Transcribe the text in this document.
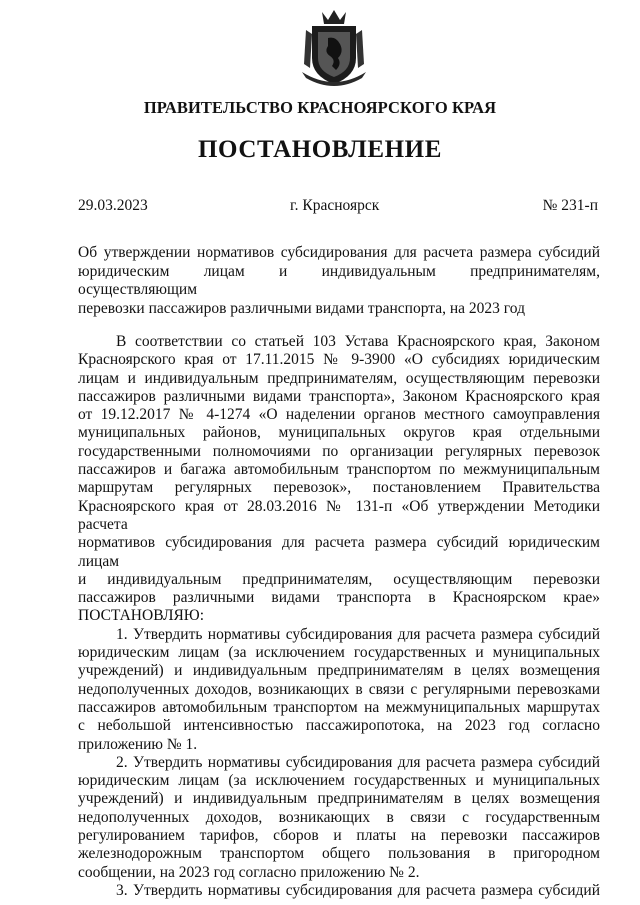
ПРАВИТЕЛЬСТВО КРАСНОЯРСКОГО КРАЯ
ПОСТАНОВЛЕНИЕ
29.03.2023	г. Красноярск	№ 231-п
Об утверждении нормативов субсидирования для расчета размера субсидий
юридическим лицам и индивидуальным предпринимателям, осуществляющим
перевозки пассажиров различными видами транспорта, на 2023 год
В соответствии со статьей 103 Устава Красноярского края, Законом
Красноярского края от 17.11.2015 № 9-3900 «О субсидиях юридическим
лицам и индивидуальным предпринимателям, осуществляющим перевозки
пассажиров различными видами транспорта», Законом Красноярского края
от 19.12.2017 № 4-1274 «О наделении органов местного самоуправления
муниципальных районов, муниципальных округов края отдельными
государственными полномочиями по организации регулярных перевозок
пассажиров и багажа автомобильным транспортом по межмуниципальным
маршрутам регулярных перевозок», постановлением Правительства
Красноярского края от 28.03.2016 № 131-п «Об утверждении Методики расчета
нормативов субсидирования для расчета размера субсидий юридическим лицам
и индивидуальным предпринимателям, осуществляющим перевозки
пассажиров различными видами транспорта в Красноярском крае»
ПОСТАНОВЛЯЮ:
1. Утвердить нормативы субсидирования для расчета размера субсидий
юридическим лицам (за исключением государственных и муниципальных
учреждений) и индивидуальным предпринимателям в целях возмещения
недополученных доходов, возникающих в связи с регулярными перевозками
пассажиров автомобильным транспортом на межмуниципальных маршрутах
с небольшой интенсивностью пассажиропотока, на 2023 год согласно
приложению № 1.
2. Утвердить нормативы субсидирования для расчета размера субсидий
юридическим лицам (за исключением государственных и муниципальных
учреждений) и индивидуальным предпринимателям в целях возмещения
недополученных доходов, возникающих в связи с государственным
регулированием тарифов, сборов и платы на перевозки пассажиров
железнодорожным транспортом общего пользования в пригородном
сообщении, на 2023 год согласно приложению № 2.
3. Утвердить нормативы субсидирования для расчета размера субсидий
